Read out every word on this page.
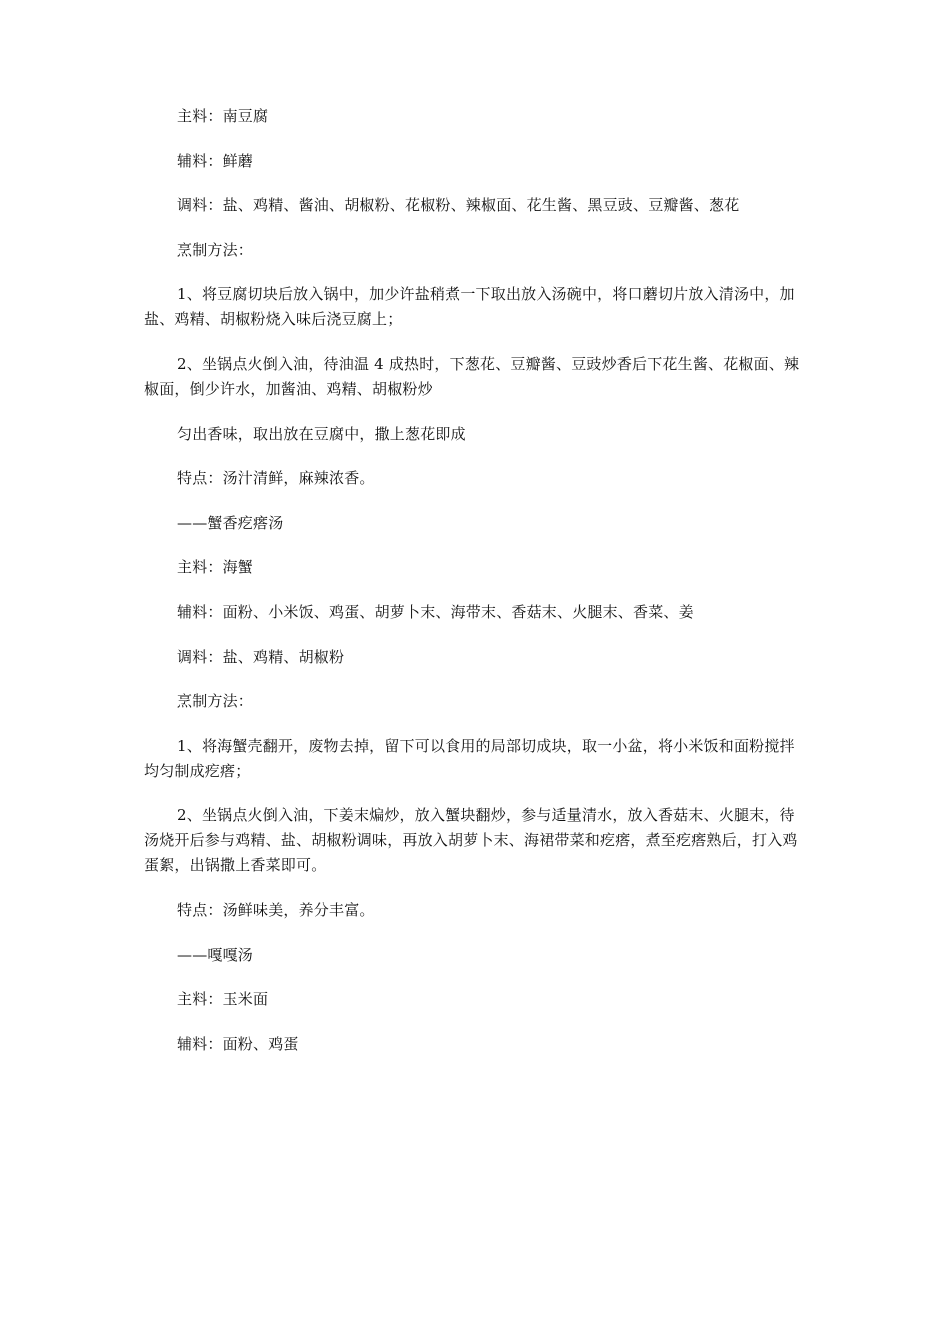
主料：南豆腐

辅料：鲜蘑

调料：盐、鸡精、酱油、胡椒粉、花椒粉、辣椒面、花生酱、黑豆豉、豆瓣酱、葱花

烹制方法：

1、将豆腐切块后放入锅中，加少许盐稍煮一下取出放入汤碗中，将口蘑切片放入清汤中，加盐、鸡精、胡椒粉烧入味后浇豆腐上；

2、坐锅点火倒入油，待油温 4 成热时，下葱花、豆瓣酱、豆豉炒香后下花生酱、花椒面、辣椒面，倒少许水，加酱油、鸡精、胡椒粉炒

匀出香味，取出放在豆腐中，撒上葱花即成

特点：汤汁清鲜，麻辣浓香。

——蟹香疙瘩汤

主料：海蟹

辅料：面粉、小米饭、鸡蛋、胡萝卜末、海带末、香菇末、火腿末、香菜、姜

调料：盐、鸡精、胡椒粉

烹制方法：

1、将海蟹壳翻开，废物去掉，留下可以食用的局部切成块，取一小盆，将小米饭和面粉搅拌均匀制成疙瘩；

2、坐锅点火倒入油，下姜末煸炒，放入蟹块翻炒，参与适量清水，放入香菇末、火腿末，待汤烧开后参与鸡精、盐、胡椒粉调味，再放入胡萝卜末、海裙带菜和疙瘩，煮至疙瘩熟后，打入鸡蛋絮，出锅撒上香菜即可。

特点：汤鲜味美，养分丰富。

——嘎嘎汤

主料：玉米面

辅料：面粉、鸡蛋
